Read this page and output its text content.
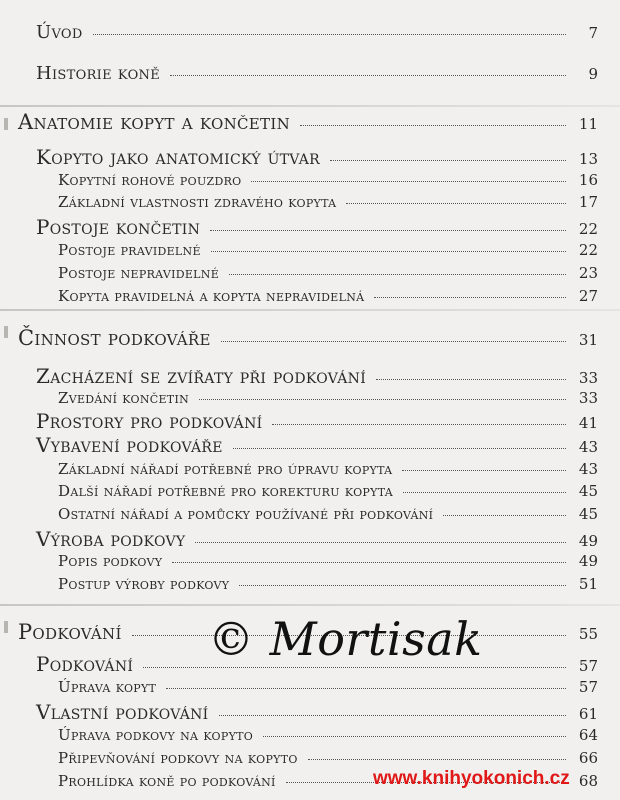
Úvod	7
Historie koně	9
Anatomie kopyt a končetin	11
Kopyto jako anatomický útvar	13
Kopytní rohové pouzdro	16
Základní vlastnosti zdravého kopyta	17
Postoje končetin	22
Postoje pravidelné	22
Postoje nepravidelné	23
Kopyta pravidelná a kopyta nepravidelná	27
Činnost podkováře	31
Zacházení se zvířaty při podkování	33
Zvedání končetin	33
Prostory pro podkování	41
Vybavení podkováře	43
Základní nářadí potřebné pro úpravu kopyta	43
Další nářadí potřebné pro korekturu kopyta	45
Ostatní nářadí a pomůcky používané při podkování	45
Výroba podkovy	49
Popis podkovy	49
Postup výroby podkovy	51
Podkování	55
Podkování	57
Úprava kopyt	57
Vlastní podkování	61
Úprava podkovy na kopyto	64
Připevňování podkovy na kopyto	66
Prohlídka koně po podkování	68
© Mortisak
www.knihyokonich.cz
